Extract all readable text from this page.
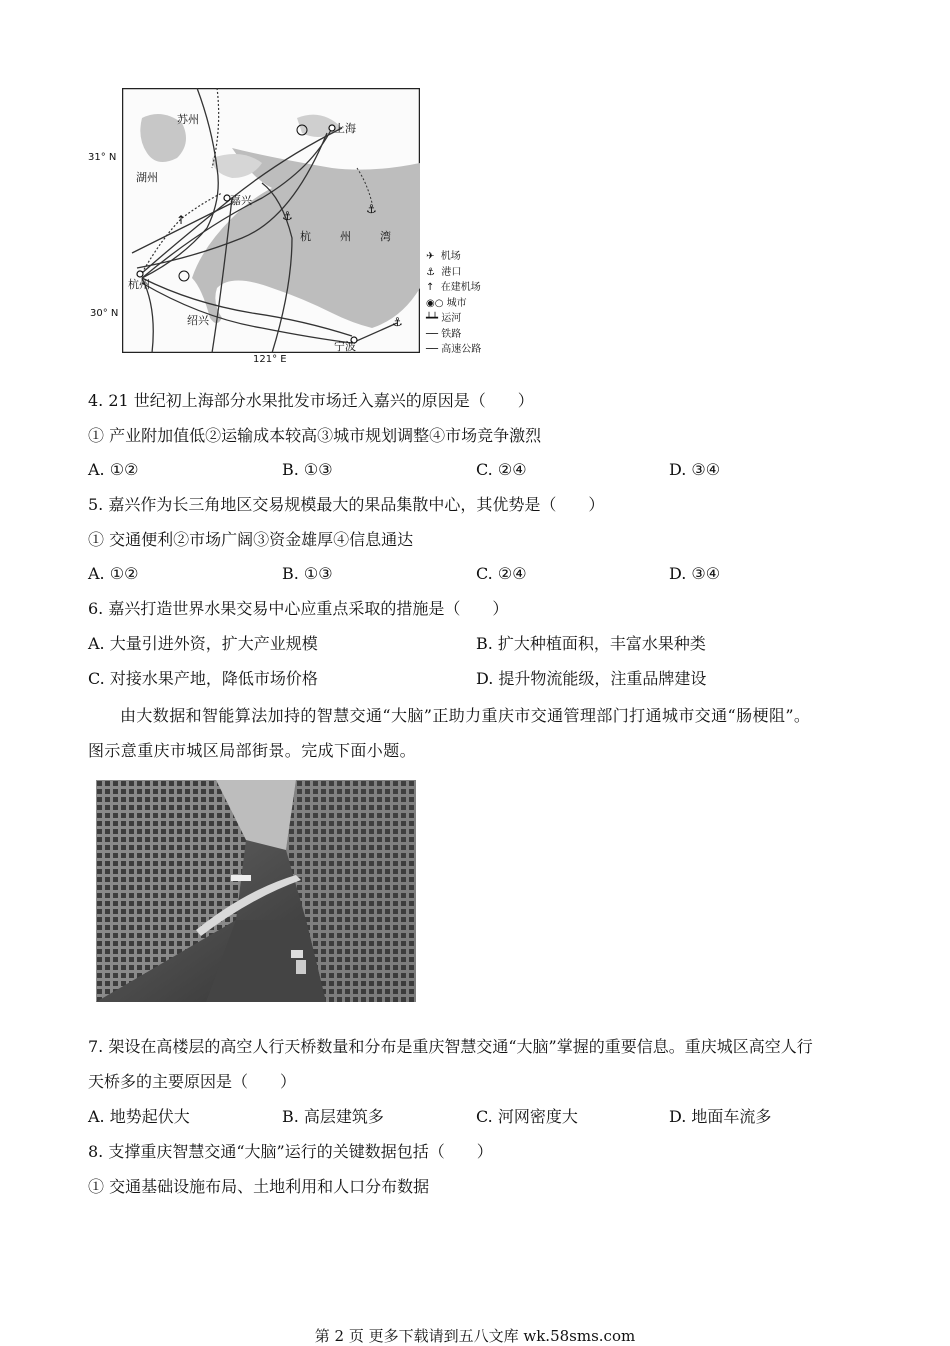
⚓	⚓
⚓
↑
苏州
上海
湖州
嘉兴
杭州
绍兴
宁波
杭	州	湾
31° N
30° N
121° E
✈ 机场
⚓ 港口
↑ 在建机场
◉○ 城市
┷┷ 运河
── 铁路
── 高速公路
4. 21 世纪初上海部分水果批发市场迁入嘉兴的原因是（　　）
① 产业附加值低②运输成本较高③城市规划调整④市场竞争激烈
A. ①②	B. ①③	C. ②④	D. ③④
5. 嘉兴作为长三角地区交易规模最大的果品集散中心，其优势是（　　）
① 交通便利②市场广阔③资金雄厚④信息通达
A. ①②	B. ①③	C. ②④	D. ③④
6. 嘉兴打造世界水果交易中心应重点采取的措施是（　　）
A. 大量引进外资，扩大产业规模	B. 扩大种植面积，丰富水果种类
C. 对接水果产地，降低市场价格	D. 提升物流能级，注重品牌建设
由大数据和智能算法加持的智慧交通“大脑”正助力重庆市交通管理部门打通城市交通“肠梗阻”。
图示意重庆市城区局部街景。完成下面小题。
7. 架设在高楼层的高空人行天桥数量和分布是重庆智慧交通“大脑”掌握的重要信息。重庆城区高空人行
天桥多的主要原因是（　　）
A. 地势起伏大	B. 高层建筑多	C. 河网密度大	D. 地面车流多
8. 支撑重庆智慧交通“大脑”运行的关键数据包括（　　）
① 交通基础设施布局、土地利用和人口分布数据
第 2 页 更多下载请到五八文库 wk.58sms.com
